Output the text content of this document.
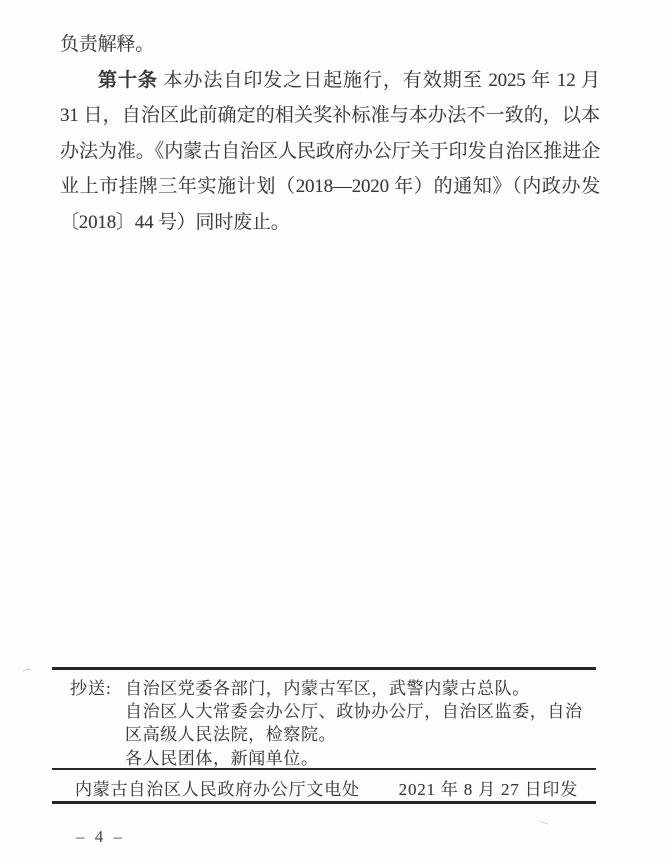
负责解释。
第十条 本办法自印发之日起施行，有效期至 2025 年 12 月
31 日，自治区此前确定的相关奖补标准与本办法不一致的，以本
办法为准。《内蒙古自治区人民政府办公厅关于印发自治区推进企
业上市挂牌三年实施计划（2018—2020 年）的通知》（内政办发
〔2018〕44 号）同时废止。
抄送: 自治区党委各部门，内蒙古军区，武警内蒙古总队。
自治区人大常委会办公厅、政协办公厅，自治区监委，自治
区高级人民法院，检察院。
各人民团体，新闻单位。
内蒙古自治区人民政府办公厅文电处 2021 年 8 月 27 日印发
– 4 –
